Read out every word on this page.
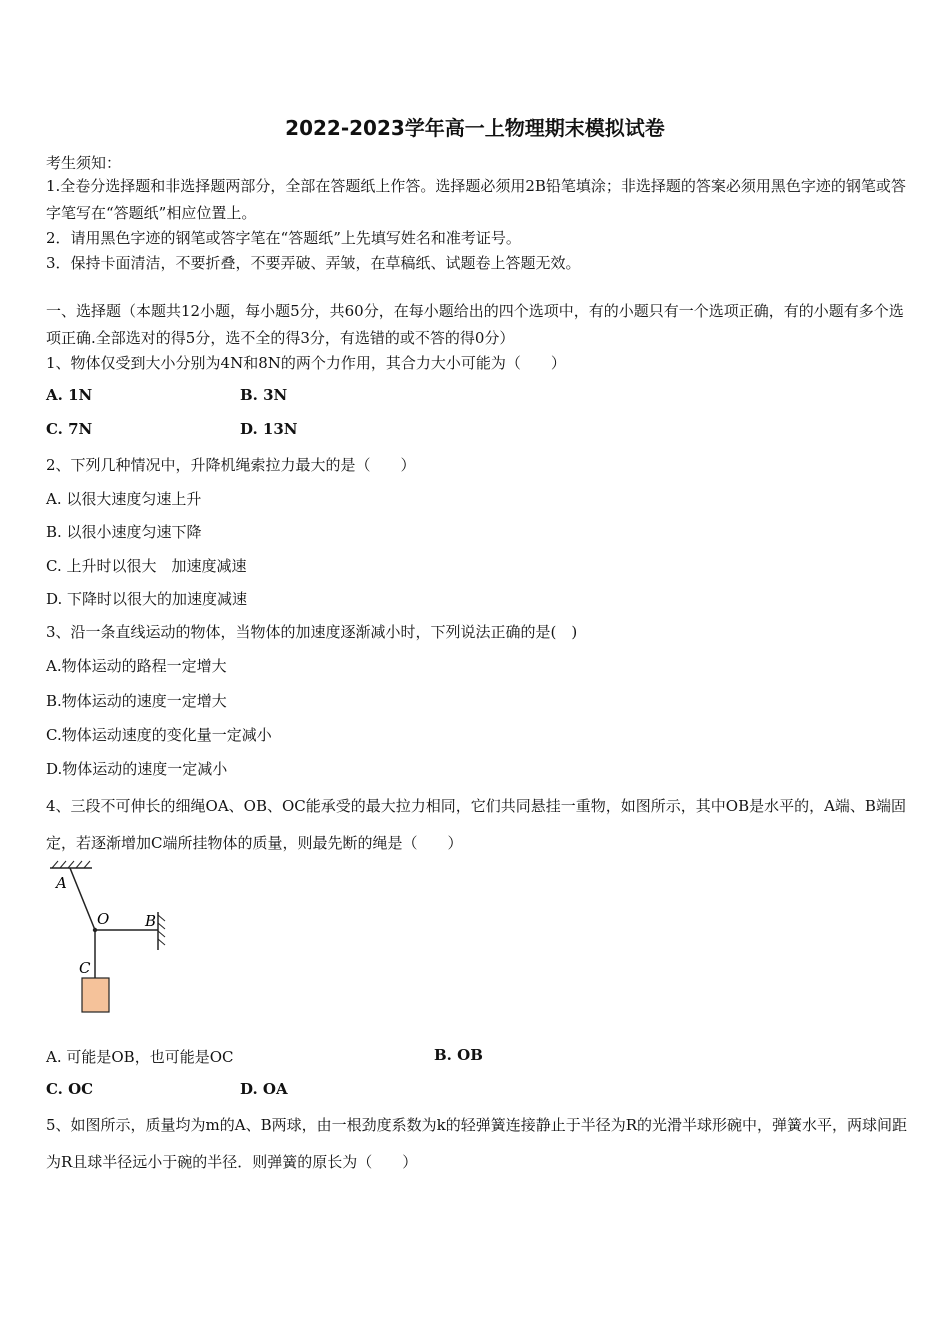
2022-2023学年高一上物理期末模拟试卷
考生须知：
1.全卷分选择题和非选择题两部分，全部在答题纸上作答。选择题必须用2B铅笔填涂；非选择题的答案必须用黑色字迹的钢笔或答字笔写在“答题纸”相应位置上。
2．请用黑色字迹的钢笔或答字笔在“答题纸”上先填写姓名和准考证号。
3．保持卡面清洁，不要折叠，不要弄破、弄皱，在草稿纸、试题卷上答题无效。
一、选择题（本题共12小题，每小题5分，共60分，在每小题给出的四个选项中，有的小题只有一个选项正确，有的小题有多个选项正确.全部选对的得5分，选不全的得3分，有选错的或不答的得0分）
1、物体仅受到大小分别为4N和8N的两个力作用，其合力大小可能为（　　）
A. 1N	B. 3N
C. 7N	D. 13N
2、下列几种情况中，升降机绳索拉力最大的是（　　）
A. 以很大速度匀速上升
B. 以很小速度匀速下降
C. 上升时以很大　加速度减速
D. 下降时以很大的加速度减速
3、沿一条直线运动的物体，当物体的加速度逐渐减小时，下列说法正确的是(　)
A.物体运动的路程一定增大
B.物体运动的速度一定增大
C.物体运动速度的变化量一定减小
D.物体运动的速度一定减小
4、三段不可伸长的细绳OA、OB、OC能承受的最大拉力相同，它们共同悬挂一重物，如图所示，其中OB是水平的，A端、B端固定，若逐渐增加C端所挂物体的质量，则最先断的绳是（　　）
A
O B
C
A. 可能是OB，也可能是OC	B. OB
C. OC	D. OA
5、如图所示，质量均为m的A、B两球，由一根劲度系数为k的轻弹簧连接静止于半径为R的光滑半球形碗中，弹簧水平，两球间距为R且球半径远小于碗的半径．则弹簧的原长为（　　）
